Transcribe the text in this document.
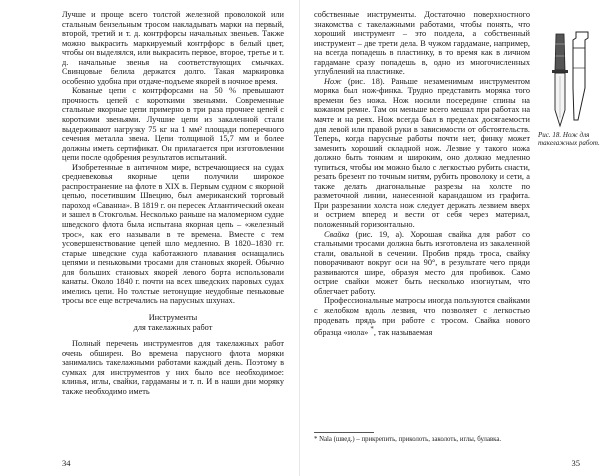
Лучше и проще всего толстой железной проволокой или стальным бензельным тросом накладывать марки на первый, второй, третий и т. д. контрфорсы начальных звеньев. Также можно выкрасить маркируемый контрфорс в белый цвет, чтобы он выделялся, или выкрасить первое, второе, третье и т. д. начальные звенья на соответствующих смычках. Свинцовые белила держатся долго. Такая маркировка особенно удобна при отдаче-подъеме якорей в ночное время.

Кованые цепи с контрфорсами на 50 % превышают прочность цепей с короткими звеньями. Современные стальные якорные цепи примерно в три раза прочнее цепей с короткими звеньями. Лучшие цепи из закаленной стали выдерживают нагрузку 75 кг на 1 мм² площади поперечного сечения металла звена. Цепи толщиной 15,7 мм и более должны иметь сертификат. Он прилагается при изготовлении цепи после одобрения результатов испытаний.

Изобретенные в античном мире, встречающиеся на судах средневековья якорные цепи получили широкое распространение на флоте в XIX в. Первым судном с якорной цепью, посетившим Швецию, был американский торговый пароход «Саванна». В 1819 г. он пересек Атлантический океан и зашел в Стокгольм. Несколько раньше на маломерном судне шведского флота была испытана якорная цепь – «железный трос», как его называли в те времена. Вместе с тем усовершенствование цепей шло медленно. В 1820–1830 гг. старые шведские суда каботажного плавания оснащались цепями и пеньковыми тросами для становых якорей. Обычно для больших становых якорей левого борта использовали канаты. Около 1840 г. почти на всех шведских паровых судах имелись цепи. Но толстые нетонущие неудобные пеньковые тросы все еще встречались на парусных шхунах.

Инструменты
для такелажных работ

Полный перечень инструментов для такелажных работ очень обширен. Во времена парусного флота моряки занимались такелажными работами каждый день. Поэтому в сумках для инструментов у них было все необходимое: клинья, иглы, свайки, гардаманы и т. п. И в наши дни моряку также необходимо иметь

34

собственные инструменты. Достаточно поверхностного знакомства с такелажными работами, чтобы понять, что хороший инструмент – это полдела, а собственный инструмент – две трети дела. В чужом гардамане, например, на всегда попадешь в пластинку, в то время как в личном гардамане сразу попадешь в, одно из многочисленных углублений на пластинке.

Нож (рис. 18). Раньше незаменимым инструментом моряка был нож-финка. Трудно представить моряка того времени без ножа. Нож носили посередине спины на кожаном ремне. Там он меньше всего мешал при работах на мачте и на реях. Нож всегда был в пределах досягаемости для левой или правой руки в зависимости от обстоятельств. Теперь, когда парусные работы почти нет, финку может заменить хороший складной нож. Лезвие у такого ножа должно быть тонким и широким, оно должно медленно тупиться, чтобы им можно было с легкостью рубить снасти, резать брезент по точным нитям, рубить проволоку и сети, а также делать диагональные разрезы на холсте по разметочной линии, нанесенной карандашом из графита. При разрезании холста нож следует держать лезвием вверх и острием вперед и вести от себя через материал, положенный горизонтально.

Свайка (рис. 19, а). Хорошая свайка для работ со стальными тросами должна быть изготовлена из закаленной стали, овальной в сечении. Пробив прядь троса, свайку поворачивают вокруг оси на 90°, в результате чего пряди развиваются шире, образуя место для пробивок. Само острие свайки может быть несколько изогнутым, что облегчает работу.

Профессиональные матросы иногда пользуются свайками с желобком вдоль лезвия, что позволяет с легкостью продевать прядь при работе с тросом. Свайка нового образца «иола» *, так называемая

Рис. 18. Нож для такелажных работ.
* Nala (швед.) – прикрепить, приколоть, заколоть, иглы, булавка.
35
